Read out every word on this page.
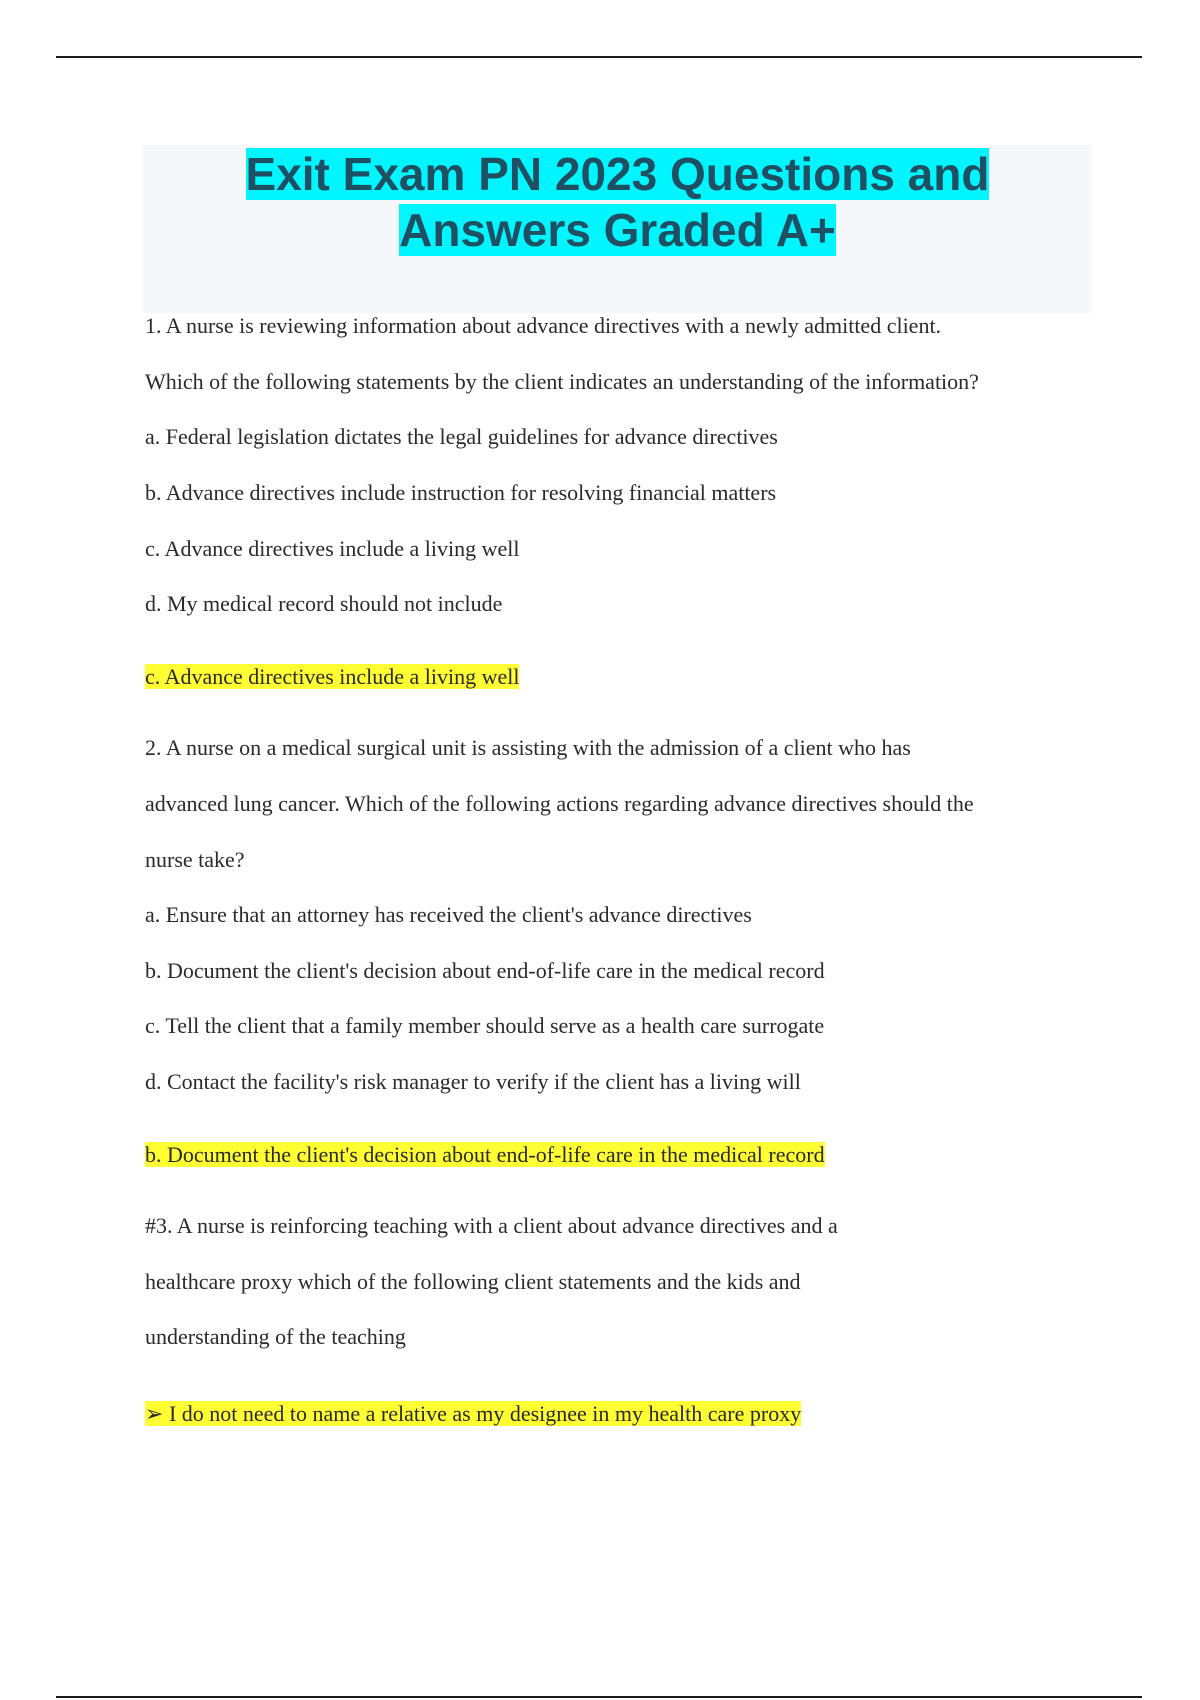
Exit Exam PN 2023 Questions and
Answers Graded A+
1. A nurse is reviewing information about advance directives with a newly admitted client.
Which of the following statements by the client indicates an understanding of the information?
a. Federal legislation dictates the legal guidelines for advance directives
b. Advance directives include instruction for resolving financial matters
c. Advance directives include a living well
d. My medical record should not include
c. Advance directives include a living well
2. A nurse on a medical surgical unit is assisting with the admission of a client who has
advanced lung cancer. Which of the following actions regarding advance directives should the
nurse take?
a. Ensure that an attorney has received the client's advance directives
b. Document the client's decision about end-of-life care in the medical record
c. Tell the client that a family member should serve as a health care surrogate
d. Contact the facility's risk manager to verify if the client has a living will
b. Document the client's decision about end-of-life care in the medical record
#3. A nurse is reinforcing teaching with a client about advance directives and a
healthcare proxy which of the following client statements and the kids and
understanding of the teaching
➢ I do not need to name a relative as my designee in my health care proxy
